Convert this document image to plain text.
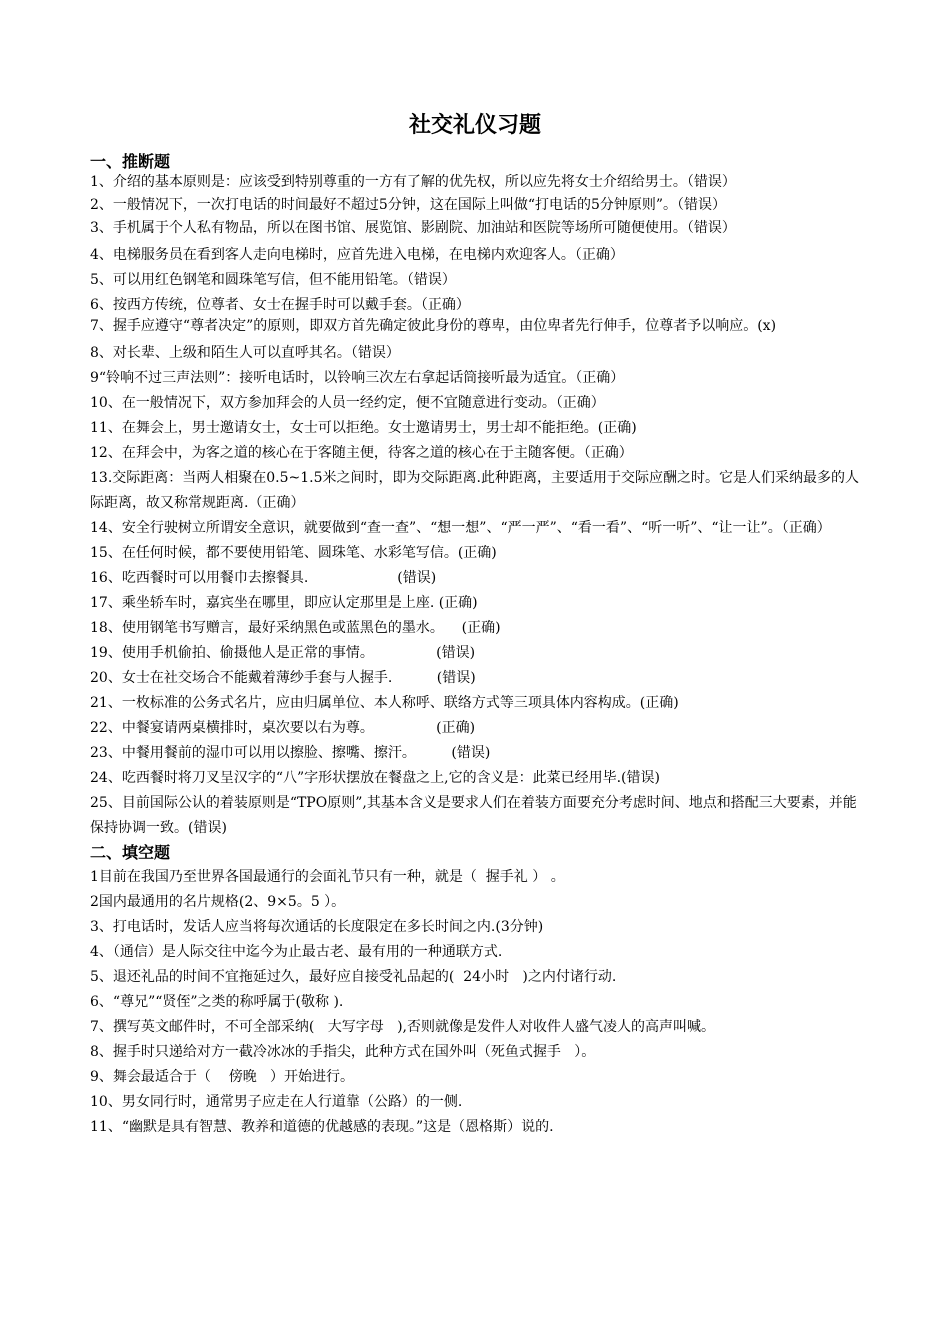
社交礼仪习题
一、推断题

1、介绍的基本原则是：应该受到特别尊重的一方有了解的优先权，所以应先将女士介绍给男士。（错误）

2、一般情况下，一次打电话的时间最好不超过5分钟，这在国际上叫做“打电话的5分钟原则”。（错误）

3、手机属于个人私有物品，所以在图书馆、展览馆、影剧院、加油站和医院等场所可随便使用。（错误）

4、电梯服务员在看到客人走向电梯时，应首先进入电梯，在电梯内欢迎客人。（正确）

5、可以用红色钢笔和圆珠笔写信，但不能用铅笔。（错误）

6、按西方传统，位尊者、女士在握手时可以戴手套。（正确）

7、握手应遵守“尊者决定”的原则，即双方首先确定彼此身份的尊卑，由位卑者先行伸手，位尊者予以响应。(x)

8、对长辈、上级和陌生人可以直呼其名。（错误）

9“铃响不过三声法则”：接听电话时，以铃响三次左右拿起话筒接听最为适宜。（正确）

10、在一般情况下，双方参加拜会的人员一经约定，便不宜随意进行变动。（正确）

11、在舞会上，男士邀请女士，女士可以拒绝。女士邀请男士，男士却不能拒绝。(正确)

12、在拜会中，为客之道的核心在于客随主便，待客之道的核心在于主随客便。（正确）

13.交际距离：当两人相聚在0.5~1.5米之间时，即为交际距离.此种距离，主要适用于交际应酬之时。它是人们采纳最多的人际距离，故又称常规距离.（正确）

14、安全行驶树立所谓安全意识，就要做到“查一查”、“想一想”、“严一严”、“看一看”、“听一听”、“让一让”。（正确）

15、在任何时候，都不要使用铅笔、圆珠笔、水彩笔写信。(正确)

16、吃西餐时可以用餐巾去擦餐具.                    (错误)

17、乘坐轿车时，嘉宾坐在哪里，即应认定那里是上座. (正确)

18、使用钢笔书写赠言，最好采纳黑色或蓝黑色的墨水。    (正确)

19、使用手机偷拍、偷摄他人是正常的事情。              (错误)

20、女士在社交场合不能戴着薄纱手套与人握手.          (错误)

21、一枚标准的公务式名片，应由归属单位、本人称呼、联络方式等三项具体内容构成。(正确)

22、中餐宴请两桌横排时，桌次要以右为尊。              (正确)

23、中餐用餐前的湿巾可以用以擦脸、擦嘴、擦汗。        (错误)

24、吃西餐时将刀叉呈汉字的“八”字形状摆放在餐盘之上,它的含义是：此菜已经用毕.(错误)

25、目前国际公认的着装原则是“TPO原则”,其基本含义是要求人们在着装方面要充分考虑时间、地点和搭配三大要素，并能保持协调一致。(错误)

二、填空题

1目前在我国乃至世界各国最通行的会面礼节只有一种，就是（  握手礼 ） 。

2国内最通用的名片规格(2、9×5。5 ）。

3、打电话时，发话人应当将每次通话的长度限定在多长时间之内.(3分钟)

4、（通信）是人际交往中迄今为止最古老、最有用的一种通联方式.

5、退还礼品的时间不宜拖延过久，最好应自接受礼品起的(  24小时   )之内付诸行动.

6、“尊兄”“贤侄”之类的称呼属于(敬称 ).

7、撰写英文邮件时，不可全部采纳(   大写字母   ),否则就像是发件人对收件人盛气凌人的高声叫喊。

8、握手时只递给对方一截冷冰冰的手指尖，此种方式在国外叫（死鱼式握手   ）。

9、舞会最适合于（    傍晚   ）开始进行。

10、男女同行时，通常男子应走在人行道靠（公路）的一侧.

11、“幽默是具有智慧、教养和道德的优越感的表现。”这是（恩格斯）说的.
